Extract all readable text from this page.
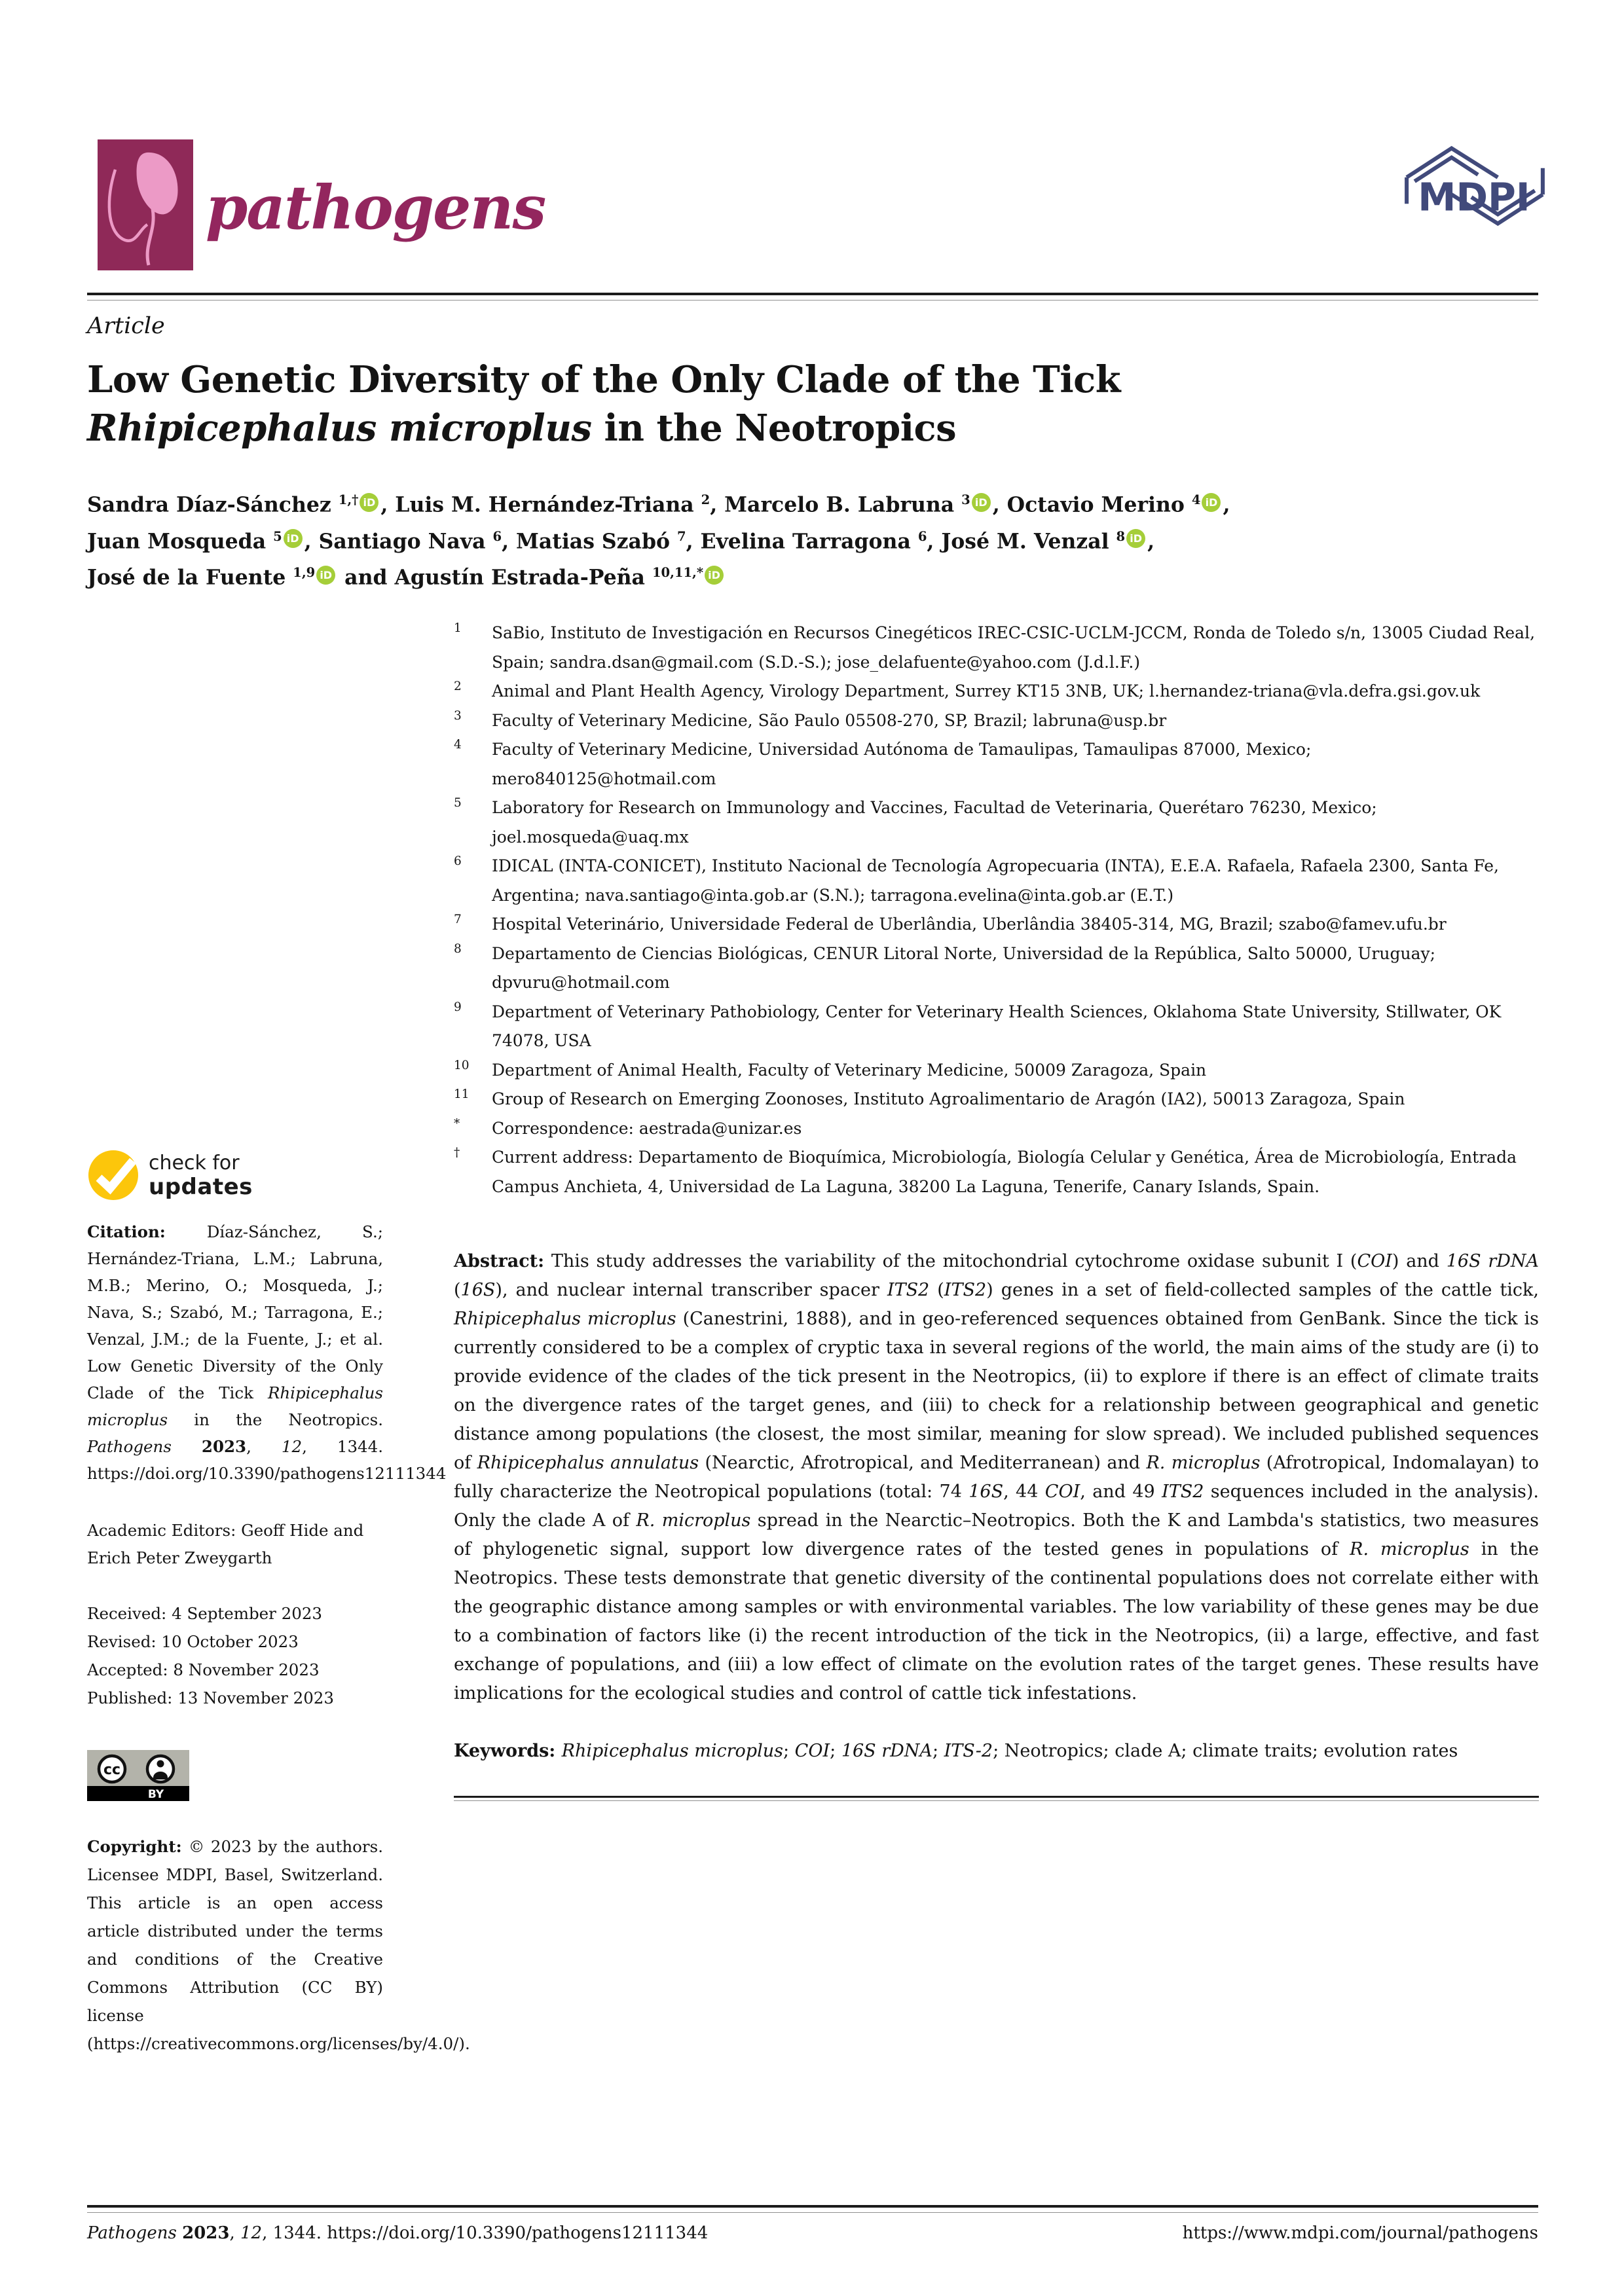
pathogens	MDPI
Article
Low Genetic Diversity of the Only Clade of the Tick
Rhipicephalus microplus in the Neotropics

Sandra Díaz-Sánchez $^{1,\dagger}$ iD , Luis M. Hernández-Triana $^2$, Marcelo B. Labruna $^3$ iD , Octavio Merino $^4$ iD ,
Juan Mosqueda $^5$ iD , Santiago Nava $^6$, Matias Szabó $^7$, Evelina Tarragona $^6$, José M. Venzal $^8$ iD ,
José de la Fuente $^{1,9}$ iD and Agustín Estrada-Peña $^{10,11,*}$ iD

1	SaBio, Instituto de Investigación en Recursos Cinegéticos IREC-CSIC-UCLM-JCCM, Ronda de Toledo s/n, 13005 Ciudad Real, Spain; sandra.dsan@gmail.com (S.D.-S.); jose_delafuente@yahoo.com (J.d.l.F.)
2	Animal and Plant Health Agency, Virology Department, Surrey KT15 3NB, UK; l.hernandez-triana@vla.defra.gsi.gov.uk
3	Faculty of Veterinary Medicine, São Paulo 05508-270, SP, Brazil; labruna@usp.br
4	Faculty of Veterinary Medicine, Universidad Autónoma de Tamaulipas, Tamaulipas 87000, Mexico; mero840125@hotmail.com
5	Laboratory for Research on Immunology and Vaccines, Facultad de Veterinaria, Querétaro 76230, Mexico; joel.mosqueda@uaq.mx
6	IDICAL (INTA-CONICET), Instituto Nacional de Tecnología Agropecuaria (INTA), E.E.A. Rafaela, Rafaela 2300, Santa Fe, Argentina; nava.santiago@inta.gob.ar (S.N.); tarragona.evelina@inta.gob.ar (E.T.)
7	Hospital Veterinário, Universidade Federal de Uberlândia, Uberlândia 38405-314, MG, Brazil; szabo@famev.ufu.br
8	Departamento de Ciencias Biológicas, CENUR Litoral Norte, Universidad de la República, Salto 50000, Uruguay; dpvuru@hotmail.com
9	Department of Veterinary Pathobiology, Center for Veterinary Health Sciences, Oklahoma State University, Stillwater, OK 74078, USA
10	Department of Animal Health, Faculty of Veterinary Medicine, 50009 Zaragoza, Spain
11	Group of Research on Emerging Zoonoses, Instituto Agroalimentario de Aragón (IA2), 50013 Zaragoza, Spain
*	Correspondence: aestrada@unizar.es
†	Current address: Departamento de Bioquímica, Microbiología, Biología Celular y Genética, Área de Microbiología, Entrada Campus Anchieta, 4, Universidad de La Laguna, 38200 La Laguna, Tenerife, Canary Islands, Spain.

Abstract: This study addresses the variability of the mitochondrial cytochrome oxidase subunit I (COI) and 16S rDNA (16S), and nuclear internal transcriber spacer ITS2 (ITS2) genes in a set of field-collected samples of the cattle tick, Rhipicephalus microplus (Canestrini, 1888), and in geo-referenced sequences obtained from GenBank. Since the tick is currently considered to be a complex of cryptic taxa in several regions of the world, the main aims of the study are (i) to provide evidence of the clades of the tick present in the Neotropics, (ii) to explore if there is an effect of climate traits on the divergence rates of the target genes, and (iii) to check for a relationship between geographical and genetic distance among populations (the closest, the most similar, meaning for slow spread). We included published sequences of Rhipicephalus annulatus (Nearctic, Afrotropical, and Mediterranean) and R. microplus (Afrotropical, Indomalayan) to fully characterize the Neotropical populations (total: 74 16S, 44 COI, and 49 ITS2 sequences included in the analysis). Only the clade A of R. microplus spread in the Nearctic–Neotropics. Both the K and Lambda's statistics, two measures of phylogenetic signal, support low divergence rates of the tested genes in populations of R. microplus in the Neotropics. These tests demonstrate that genetic diversity of the continental populations does not correlate either with the geographic distance among samples or with environmental variables. The low variability of these genes may be due to a combination of factors like (i) the recent introduction of the tick in the Neotropics, (ii) a large, effective, and fast exchange of populations, and (iii) a low effect of climate on the evolution rates of the target genes. These results have implications for the ecological studies and control of cattle tick infestations.

Keywords: Rhipicephalus microplus; COI; 16S rDNA; ITS-2; Neotropics; clade A; climate traits; evolution rates

check for
updates

Citation: Díaz-Sánchez, S.; Hernández-Triana, L.M.; Labruna, M.B.; Merino, O.; Mosqueda, J.; Nava, S.; Szabó, M.; Tarragona, E.; Venzal, J.M.; de la Fuente, J.; et al. Low Genetic Diversity of the Only Clade of the Tick Rhipicephalus microplus in the Neotropics. Pathogens 2023, 12, 1344. https://doi.org/10.3390/pathogens12111344

Academic Editors: Geoff Hide and Erich Peter Zweygarth

Received: 4 September 2023
Revised: 10 October 2023
Accepted: 8 November 2023
Published: 13 November 2023
cc
BY

Copyright: © 2023 by the authors. Licensee MDPI, Basel, Switzerland. This article is an open access article distributed under the terms and conditions of the Creative Commons Attribution (CC BY) license (https://creativecommons.org/licenses/by/4.0/).

Pathogens 2023, 12, 1344. https://doi.org/10.3390/pathogens12111344	https://www.mdpi.com/journal/pathogens
